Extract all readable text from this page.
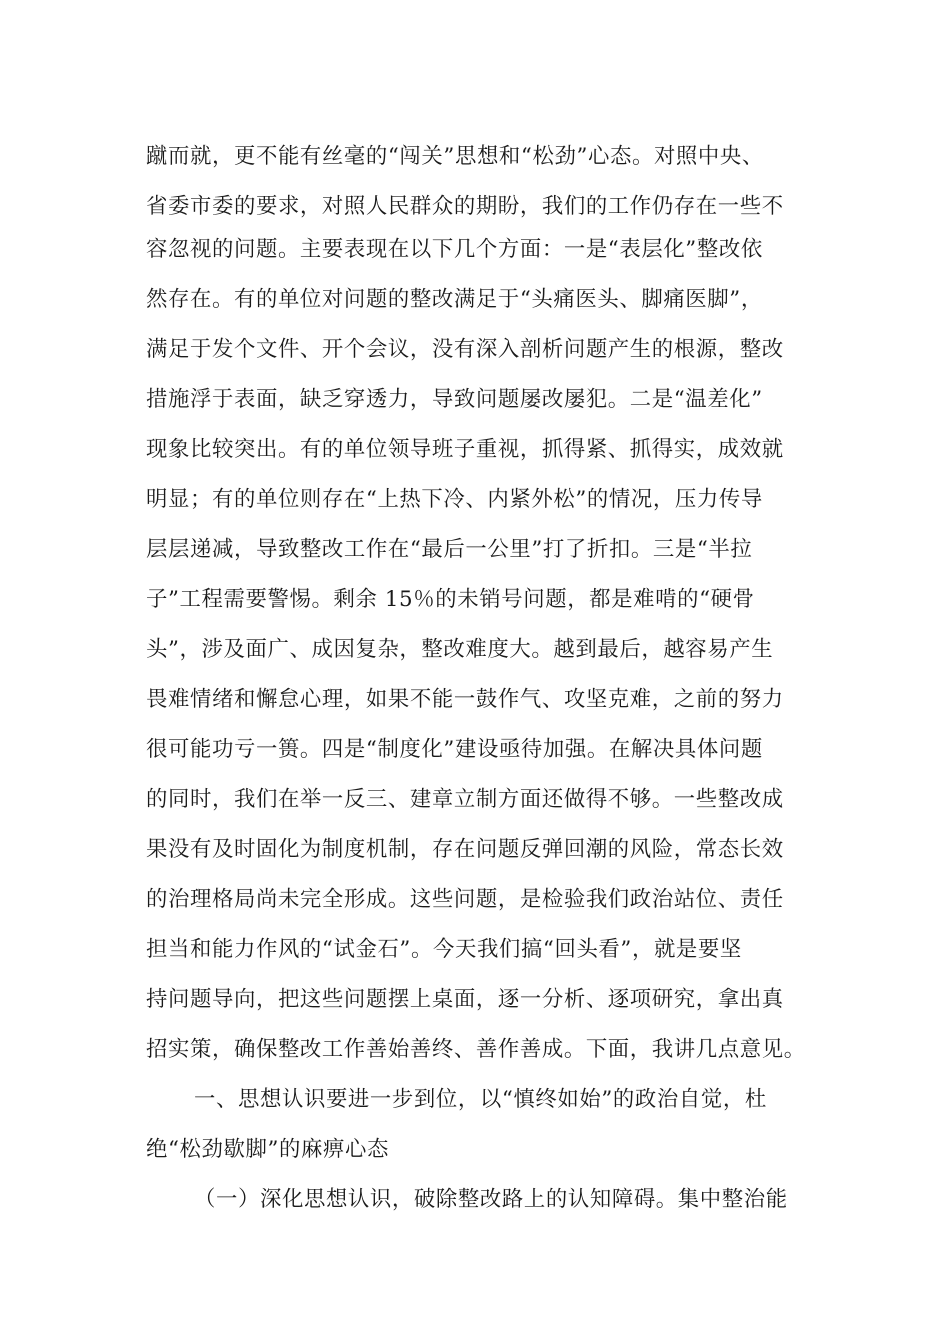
蹴而就，更不能有丝毫的“闯关”思想和“松劲”心态。对照中央、
省委市委的要求，对照人民群众的期盼，我们的工作仍存在一些不
容忽视的问题。主要表现在以下几个方面：一是“表层化”整改依
然存在。有的单位对问题的整改满足于“头痛医头、脚痛医脚”，
满足于发个文件、开个会议，没有深入剖析问题产生的根源，整改
措施浮于表面，缺乏穿透力，导致问题屡改屡犯。二是“温差化”
现象比较突出。有的单位领导班子重视，抓得紧、抓得实，成效就
明显；有的单位则存在“上热下冷、内紧外松”的情况，压力传导
层层递减，导致整改工作在“最后一公里”打了折扣。三是“半拉
子”工程需要警惕。剩余 15％的未销号问题，都是难啃的“硬骨
头”，涉及面广、成因复杂，整改难度大。越到最后，越容易产生
畏难情绪和懈怠心理，如果不能一鼓作气、攻坚克难，之前的努力
很可能功亏一篑。四是“制度化”建设亟待加强。在解决具体问题
的同时，我们在举一反三、建章立制方面还做得不够。一些整改成
果没有及时固化为制度机制，存在问题反弹回潮的风险，常态长效
的治理格局尚未完全形成。这些问题，是检验我们政治站位、责任
担当和能力作风的“试金石”。今天我们搞“回头看”，就是要坚
持问题导向，把这些问题摆上桌面，逐一分析、逐项研究，拿出真
招实策，确保整改工作善始善终、善作善成。下面，我讲几点意见。
一、思想认识要进一步到位，以“慎终如始”的政治自觉，杜
绝“松劲歇脚”的麻痹心态
（一）深化思想认识，破除整改路上的认知障碍。集中整治能
